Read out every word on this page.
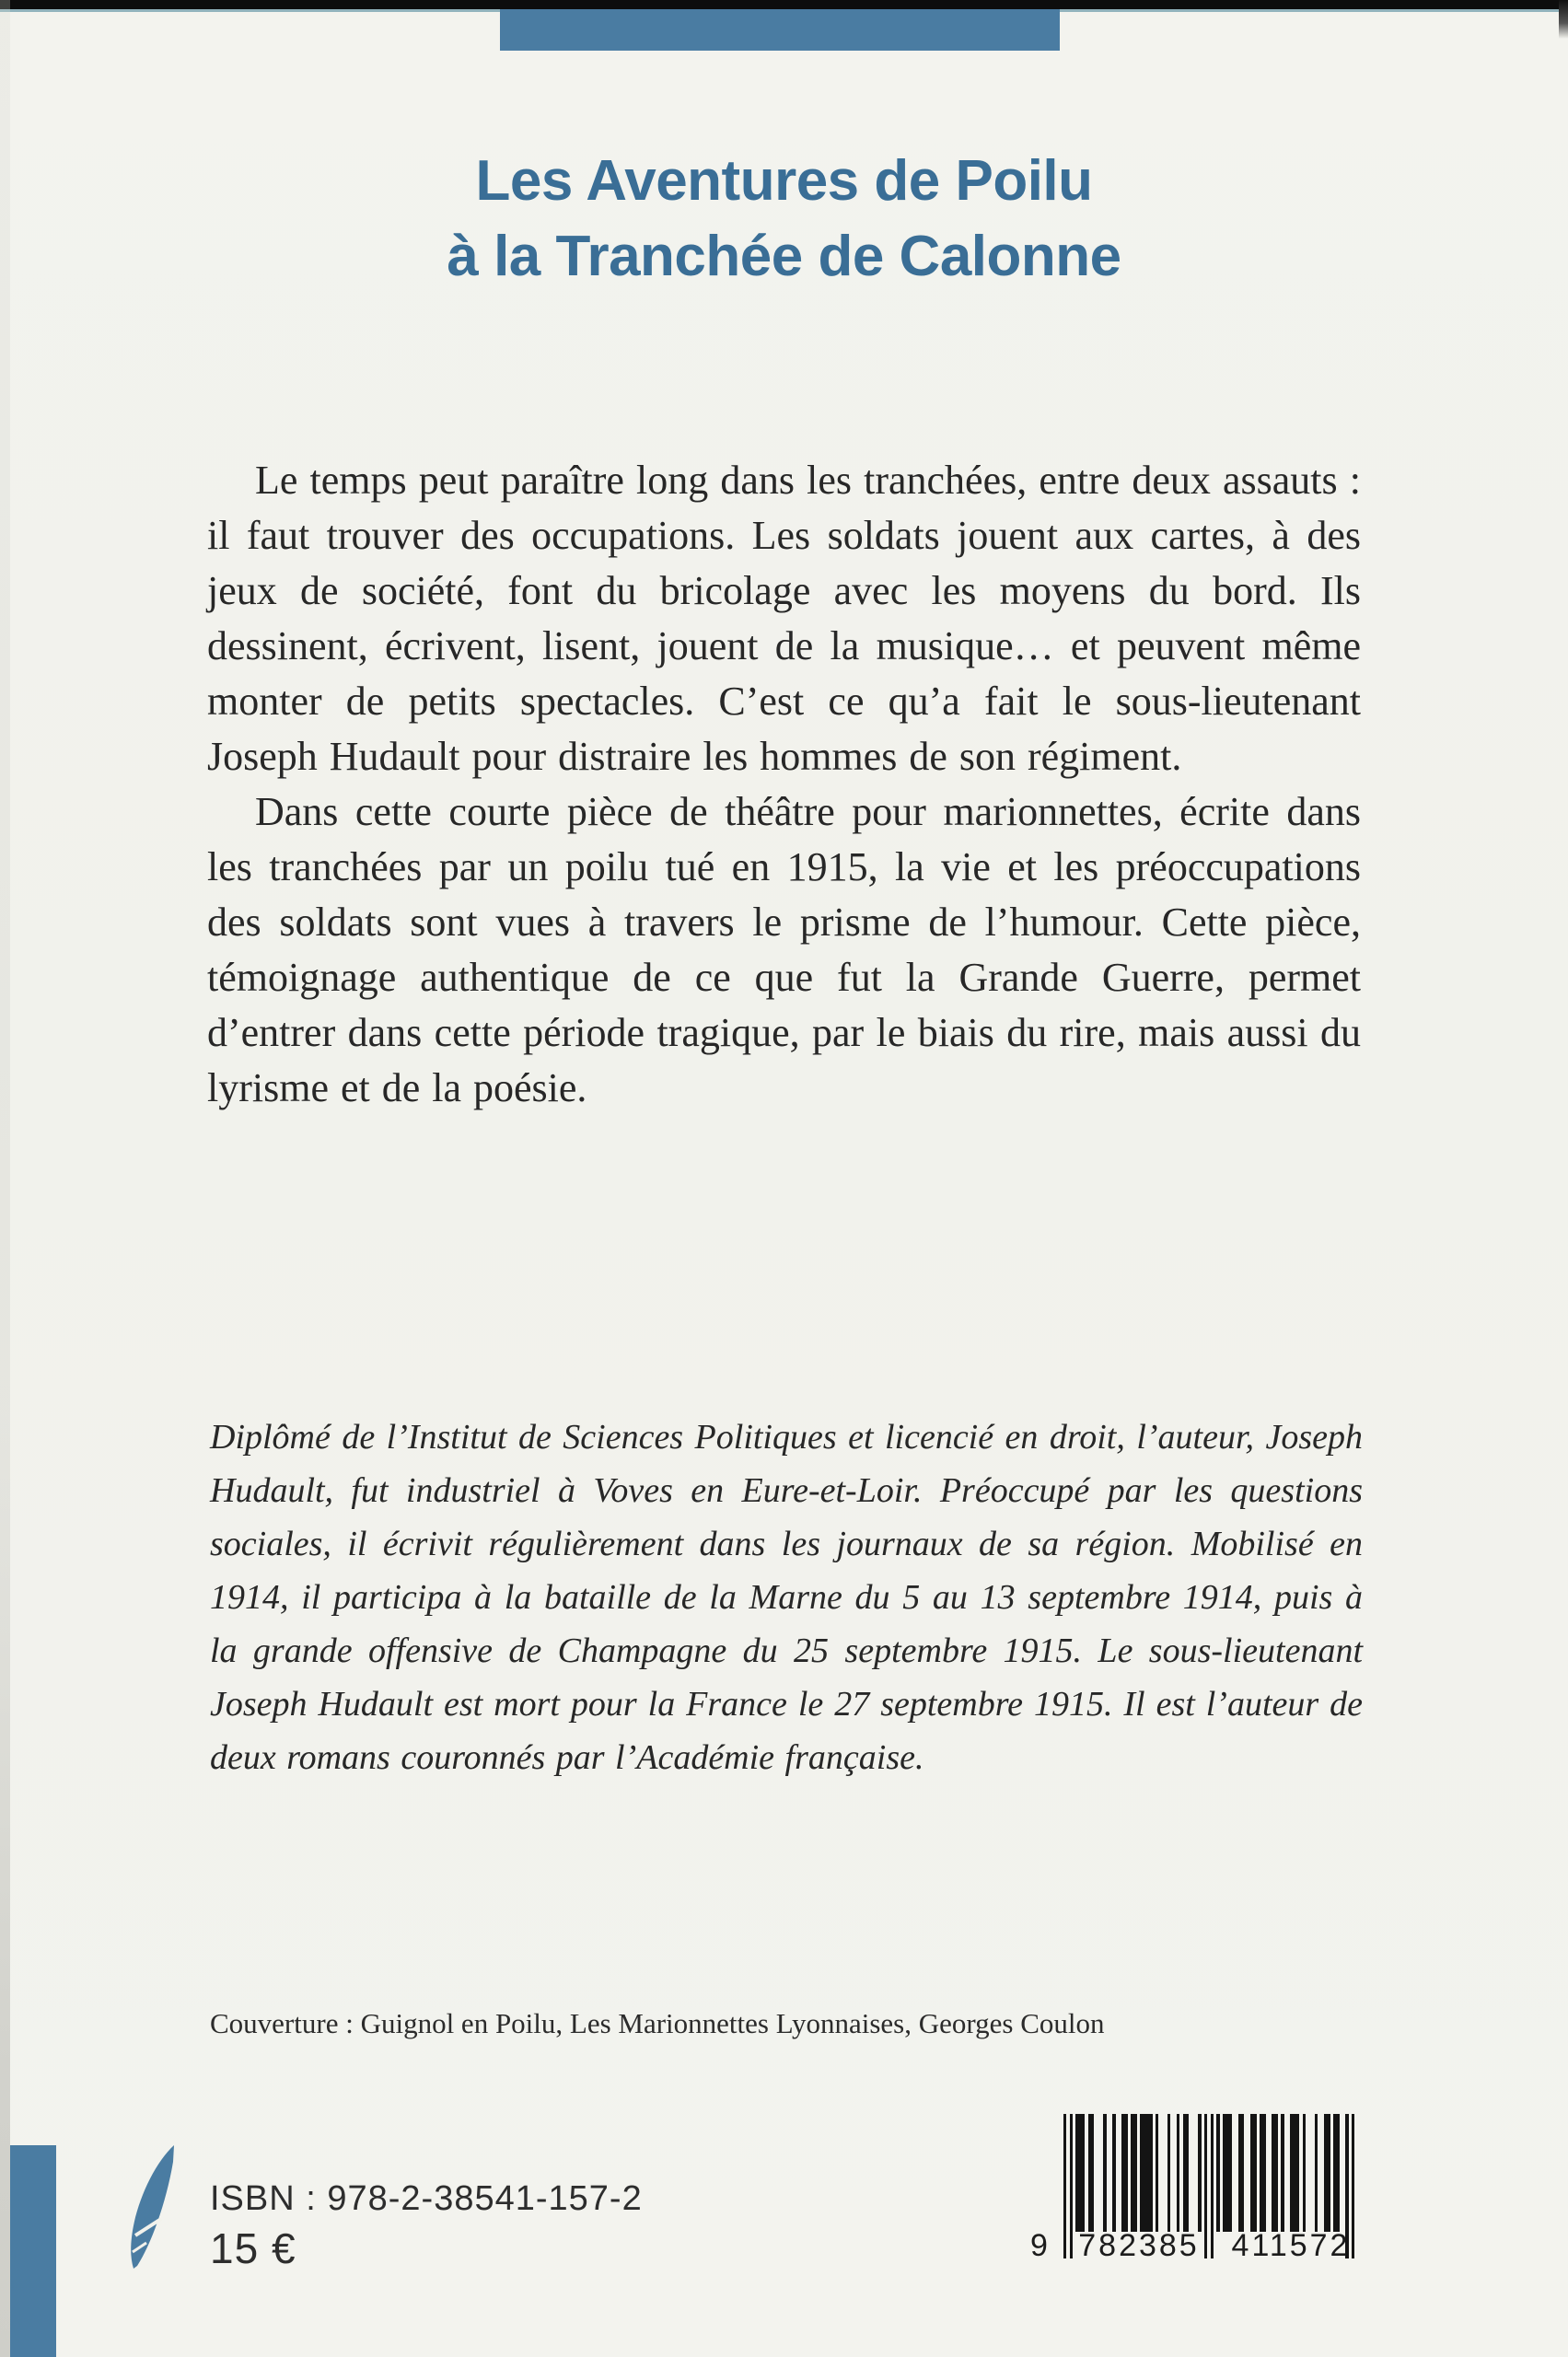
Les Aventures de Poilu
à la Tranchée de Calonne

Le temps peut paraître long dans les tranchées, entre deux assauts : il faut trouver des occupations. Les soldats jouent aux cartes, à des jeux de société, font du bricolage avec les moyens du bord. Ils dessinent, écrivent, lisent, jouent de la musique… et peuvent même monter de petits spectacles. C’est ce qu’a fait le sous-lieutenant Joseph Hudault pour distraire les hommes de son régiment.

Dans cette courte pièce de théâtre pour marionnettes, écrite dans les tranchées par un poilu tué en 1915, la vie et les préoccupations des soldats sont vues à travers le prisme de l’humour. Cette pièce, témoignage authentique de ce que fut la Grande Guerre, permet d’entrer dans cette période tragique, par le biais du rire, mais aussi du lyrisme et de la poésie.

Diplômé de l’Institut de Sciences Politiques et licencié en droit, l’auteur, Joseph Hudault, fut industriel à Voves en Eure-et-Loir. Préoccupé par les questions sociales, il écrivit régulièrement dans les journaux de sa région. Mobilisé en 1914, il participa à la bataille de la Marne du 5 au 13 septembre 1914, puis à la grande offensive de Champagne du 25 septembre 1915. Le sous-lieutenant Joseph Hudault est mort pour la France le 27 septembre 1915. Il est l’auteur de deux romans couronnés par l’Académie française.

Couverture : Guignol en Poilu, Les Marionnettes Lyonnaises, Georges Coulon
ISBN : 978-2-38541-157-2
15 €	9 782385	411572
